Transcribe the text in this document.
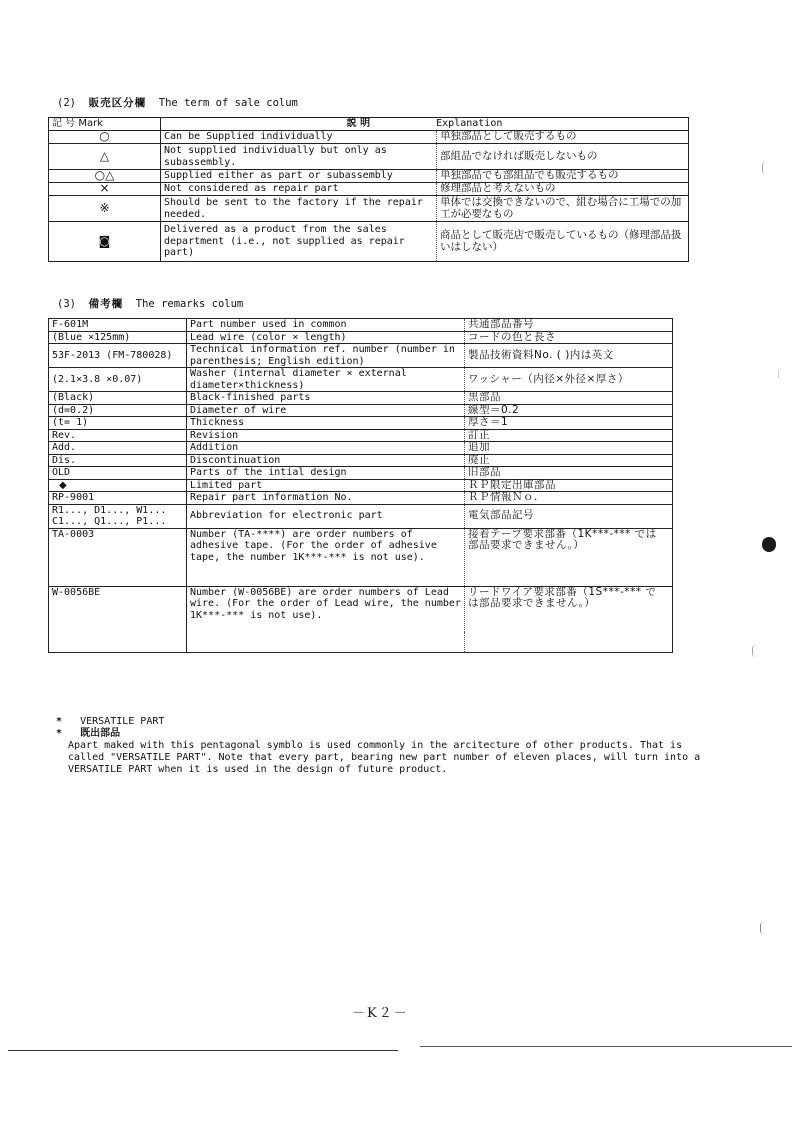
(2) 販売区分欄 The term of sale colum
記 号 Mark	説 明 Explanation	
○	Can be Supplied individually	単独部品として販売するもの
△	Not supplied individually but only as subassembly.	部組品でなければ販売しないもの
○△	Supplied either as part or subassembly	単独部品でも部組品でも販売するもの
×	Not considered as repair part	修理部品と考えないもの
※	Should be sent to the factory if the repair needed.	単体では交換できないので、組む場合に工場での加工が必要なもの
◙	Delivered as a product from the sales department (i.e., not supplied as repair part)	商品として販売店で販売しているもの（修理部品扱いはしない）
(3) 備考欄 The remarks colum
F-601M	Part number used in common	共通部品番号
(Blue ×125mm)	Lead wire (color × length)	コードの色と長さ
53F-2013 (FM-780028)	Technical information ref. number (number in parenthesis; English edition)	製品技術資料No. ( )内は英文
(2.1×3.8 ×0.07)	Washer (internal diameter × external diameter×thickness)	ワッシャー（内径×外径×厚さ）
(Black)	Black-finished parts	黒部品
(d=0.2)	Diameter of wire	線型＝0.2
(t= 1)	Thickness	厚さ＝1
Rev.	Revision	訂正
Add.	Addition	追加
Dis.	Discontinuation	廃止
OLD	Parts of the intial design	旧部品
◆	Limited part	ＲＰ限定出庫部品
RP-9001	Repair part information No.	ＲＰ情報Ｎｏ.
R1..., D1..., W1... C1..., Q1..., P1...	Abbreviation for electronic part	電気部品記号
TA-0003	Number (TA-****) are order numbers of adhesive tape. (For the order of adhesive tape, the number 1K***-*** is not use).	接着テープ要求部番（1K***-*** では部品要求できません。）
W-0056BE	Number (W-0056BE) are order numbers of Lead wire. (For the order of Lead wire, the number 1K***-*** is not use).	リードワイア要求部番（1S***-*** では部品要求できません。）

* VERSATILE PART
* 既出部品
Apart maked with this pentagonal symblo is used commonly in the arcitecture of other products. That is called "VERSATILE PART". Note that every part, bearing new part number of eleven places, will turn into a VERSATILE PART when it is used in the design of future product.
－K２－
